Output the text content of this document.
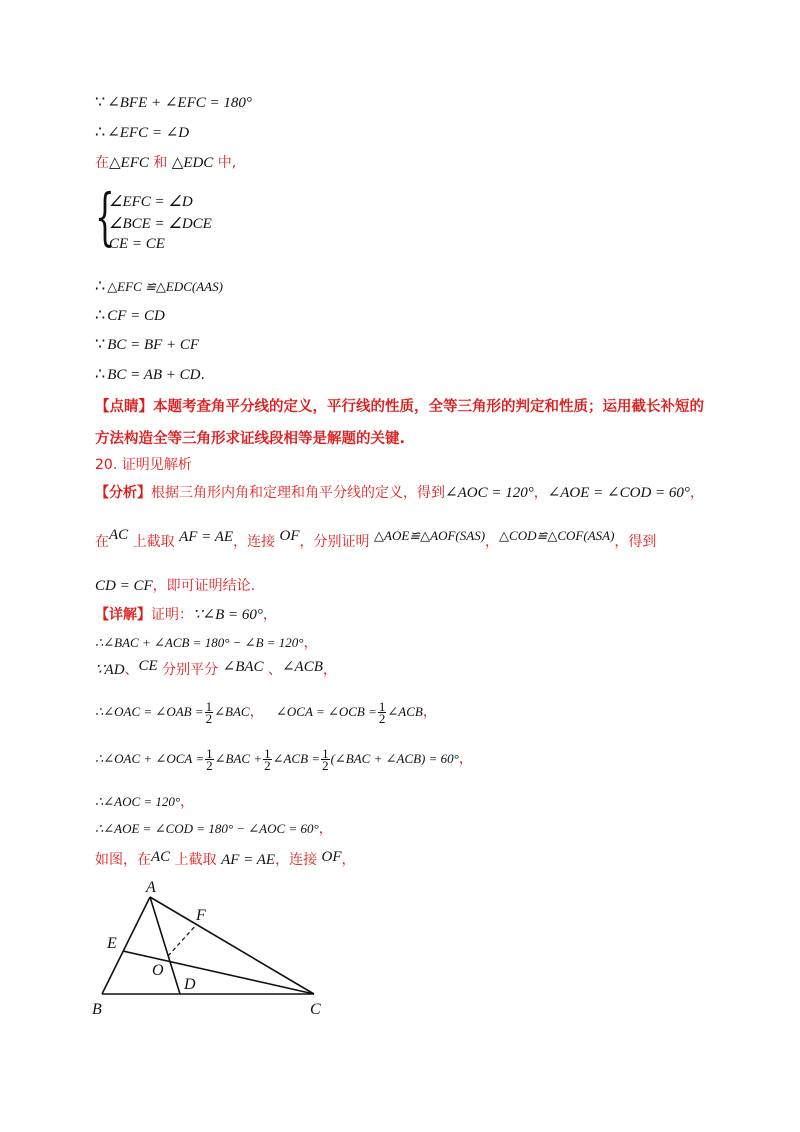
∵ ∠BFE + ∠EFC = 180°
∴ ∠EFC = ∠D
在△EFC 和 △EDC 中,
{
∠EFC = ∠D
∠BCE = ∠DCE
CE = CE
∴ △EFC ≌△EDC(AAS)
∴ CF = CD
∵ BC = BF + CF
∴ BC = AB + CD.
【点睛】本题考查角平分线的定义，平行线的性质，全等三角形的判定和性质；运用截长补短的方法构造全等三角形求证线段相等是解题的关键.
20. 证明见解析
【分析】根据三角形内角和定理和角平分线的定义，得到∠AOC = 120°，∠AOE = ∠COD = 60°，
在AC 上截取 AF = AE，连接 OF，分别证明 △AOE≌△AOF(SAS)，△COD≌△COF(ASA)，得到
CD = CF，即可证明结论.
【详解】证明：∵∠B = 60°，
∴∠BAC + ∠ACB = 180° − ∠B = 120°，
∵AD、CE 分别平分 ∠BAC 、∠ACB，
∴∠OAC = ∠OAB = $\frac{1}{2}$ ∠BAC， ∠OCA = ∠OCB = $\frac{1}{2}$ ∠ACB，
∴∠OAC + ∠OCA = $\frac{1}{2}$ ∠BAC + $\frac{1}{2}$ ∠ACB = $\frac{1}{2}$ (∠BAC + ∠ACB) = 60°，
∴∠AOC = 120°，
∴∠AOE = ∠COD = 180° − ∠AOC = 60°，
如图，在AC 上截取 AF = AE，连接 OF，
A
B	C
D
E
F
O
